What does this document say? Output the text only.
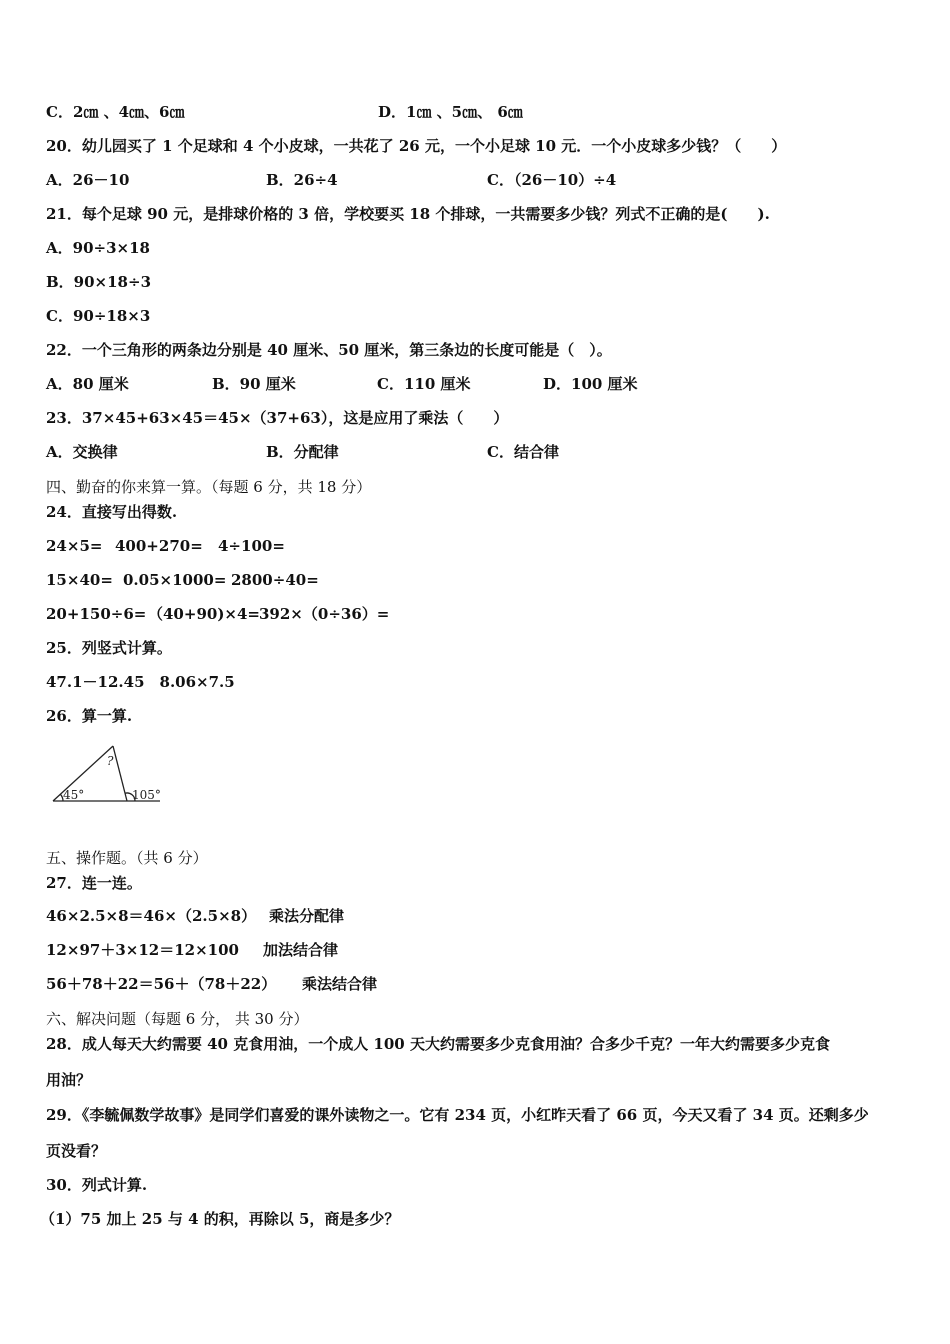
C．2㎝ 、4㎝、6㎝	D．1㎝ 、5㎝、 6㎝
20．幼儿园买了 1 个足球和 4 个小皮球，一共花了 26 元，一个小足球 10 元．一个小皮球多少钱？（　　）
A．26－10	B．26÷4	C．（26－10）÷4
21．每个足球 90 元，是排球价格的 3 倍，学校要买 18 个排球，一共需要多少钱？列式不正确的是(　　).
A．90÷3×18
B．90×18÷3
C．90÷18×3
22．一个三角形的两条边分别是 40 厘米、50 厘米，第三条边的长度可能是（　）。
A．80 厘米	B．90 厘米	C．110 厘米	D．100 厘米
23．37×45+63×45＝45×（37+63），这是应用了乘法（　　）
A．交换律	B．分配律	C．结合律
四、勤奋的你来算一算。（每题 6 分，共 18 分）
24．直接写出得数.
24×5= 400+270= 4÷100=
15×40= 0.05×1000= 2800÷40=
20+150÷6= （40+90)×4= 392×（0÷36）=
25．列竖式计算。
47.1－12.45　8.06×7.5
26．算一算.
?
45°	105°
五、操作题。（共 6 分）
27．连一连。
46×2.5×8＝46×（2.5×8） 乘法分配律
12×97＋3×12＝12×100 加法结合律
56＋78＋22＝56＋（78＋22） 乘法结合律
六、解决问题（每题 6 分， 共 30 分）
28．成人每天大约需要 40 克食用油，一个成人 100 天大约需要多少克食用油？合多少千克？一年大约需要多少克食
用油？
29．《李毓佩数学故事》是同学们喜爱的课外读物之一。它有 234 页，小红昨天看了 66 页，今天又看了 34 页。还剩多少
页没看？
30．列式计算.
（1）75 加上 25 与 4 的积，再除以 5，商是多少？
